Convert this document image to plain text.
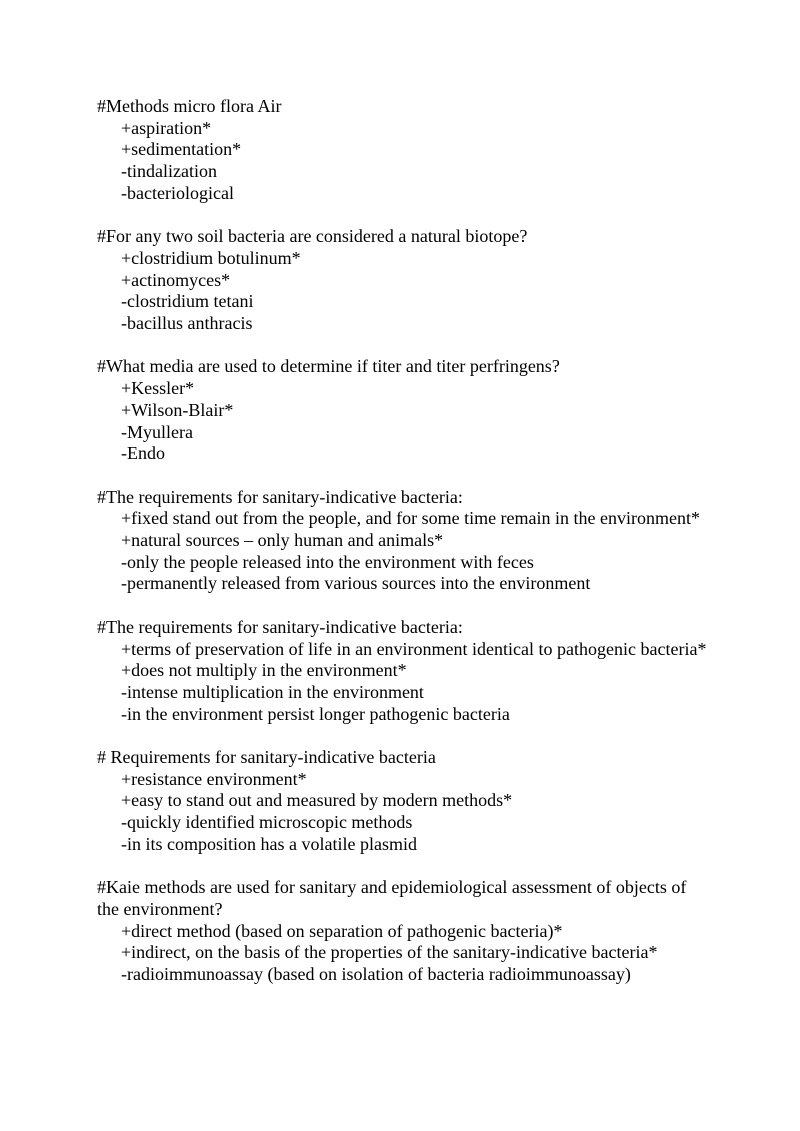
#Methods micro flora Air
+aspiration*
+sedimentation*
-tindalization
-bacteriological
#For any two soil bacteria are considered a natural biotope?
+clostridium botulinum*
+actinomyces*
-clostridium tetani
-bacillus anthracis
#What media are used to determine if titer and titer perfringens?
+Kessler*
+Wilson-Blair*
-Myullera
-Endo
#The requirements for sanitary-indicative bacteria:
+fixed stand out from the people, and for some time remain in the environment*
+natural sources – only human and animals*
-only the people released into the environment with feces
-permanently released from various sources into the environment
#The requirements for sanitary-indicative bacteria:
+terms of preservation of life in an environment identical to pathogenic bacteria*
+does not multiply in the environment*
-intense multiplication in the environment
-in the environment persist longer pathogenic bacteria
# Requirements for sanitary-indicative bacteria
+resistance environment*
+easy to stand out and measured by modern methods*
-quickly identified microscopic methods
-in its composition has a volatile plasmid
#Kaie methods are used for sanitary and epidemiological assessment of objects of the environment?
+direct method (based on separation of pathogenic bacteria)*
+indirect, on the basis of the properties of the sanitary-indicative bacteria*
-radioimmunoassay (based on isolation of bacteria radioimmunoassay)
